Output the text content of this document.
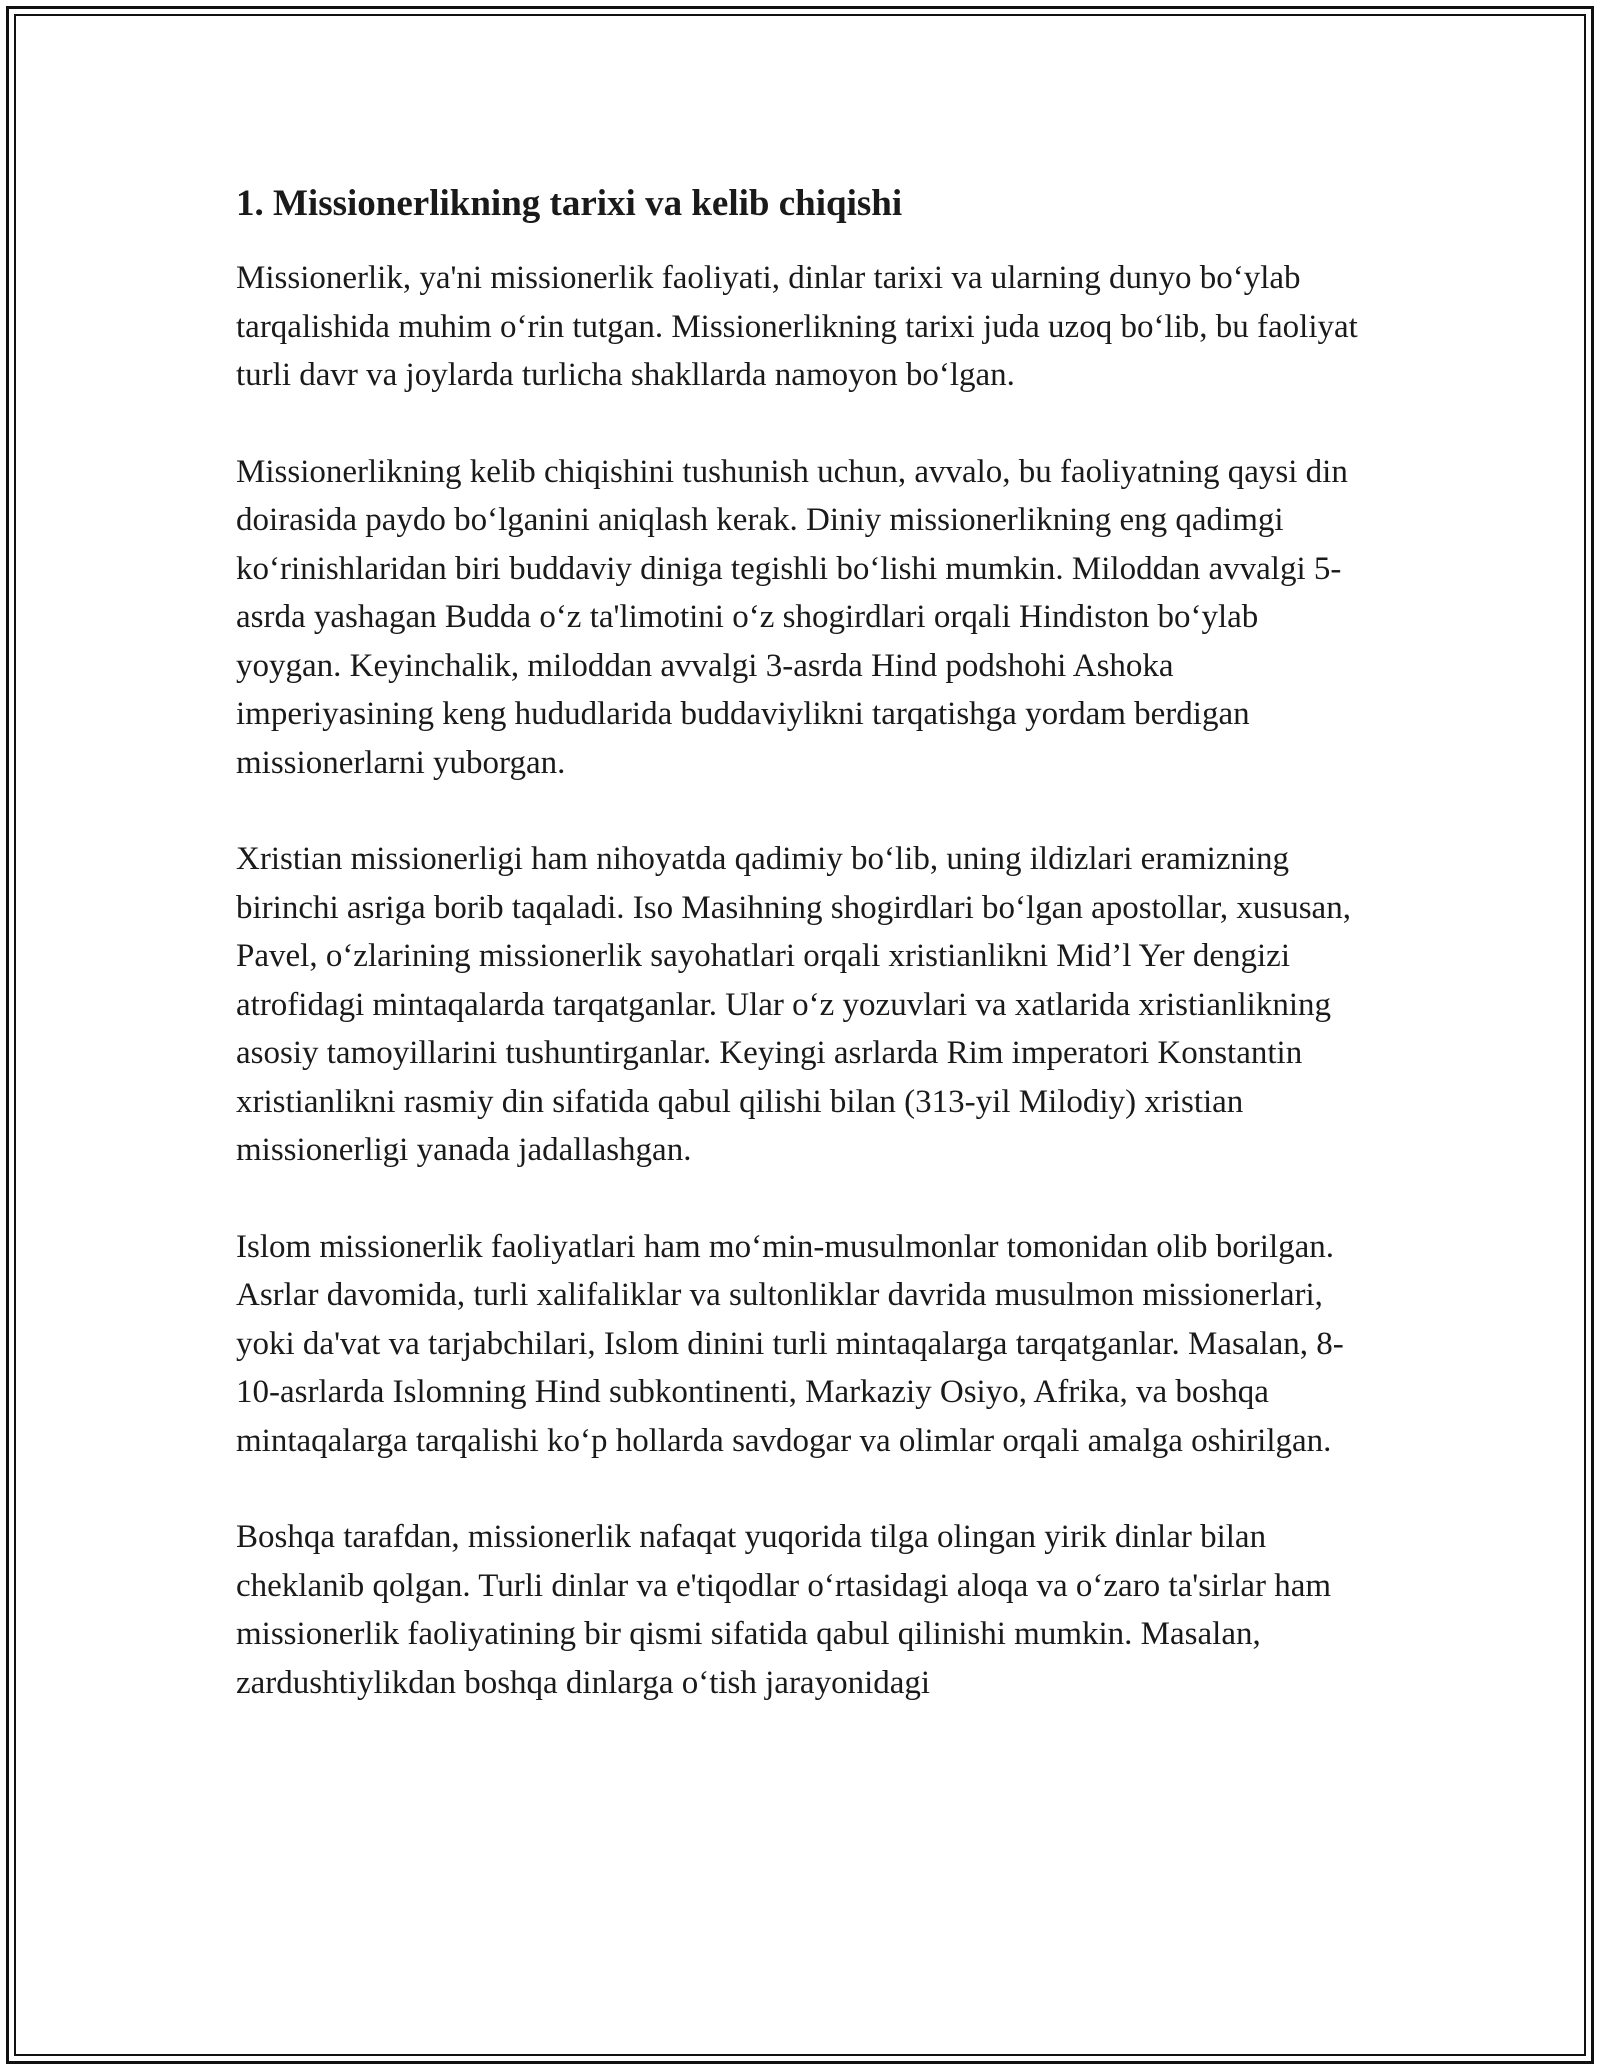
1. Missionerlikning tarixi va kelib chiqishi

Missionerlik, ya'ni missionerlik faoliyati, dinlar tarixi va ularning dunyo bo‘ylab tarqalishida muhim o‘rin tutgan. Missionerlikning tarixi juda uzoq bo‘lib, bu faoliyat turli davr va joylarda turlicha shakllarda namoyon bo‘lgan.

Missionerlikning kelib chiqishini tushunish uchun, avvalo, bu faoliyatning qaysi din doirasida paydo bo‘lganini aniqlash kerak. Diniy missionerlikning eng qadimgi ko‘rinishlaridan biri buddaviy diniga tegishli bo‘lishi mumkin. Miloddan avvalgi 5-asrda yashagan Budda o‘z ta'limotini o‘z shogirdlari orqali Hindiston bo‘ylab yoygan. Keyinchalik, miloddan avvalgi 3-asrda Hind podshohi Ashoka imperiyasining keng hududlarida buddaviylikni tarqatishga yordam berdigan missionerlarni yuborgan.

Xristian missionerligi ham nihoyatda qadimiy bo‘lib, uning ildizlari eramizning birinchi asriga borib taqaladi. Iso Masihning shogirdlari bo‘lgan apostollar, xususan, Pavel, o‘zlarining missionerlik sayohatlari orqali xristianlikni Mid’l Yer dengizi atrofidagi mintaqalarda tarqatganlar. Ular o‘z yozuvlari va xatlarida xristianlikning asosiy tamoyillarini tushuntirganlar. Keyingi asrlarda Rim imperatori Konstantin xristianlikni rasmiy din sifatida qabul qilishi bilan (313-yil Milodiy) xristian missionerligi yanada jadallashgan.

Islom missionerlik faoliyatlari ham mo‘min-musulmonlar tomonidan olib borilgan. Asrlar davomida, turli xalifaliklar va sultonliklar davrida musulmon missionerlari, yoki da'vat va tarjabchilari, Islom dinini turli mintaqalarga tarqatganlar. Masalan, 8-10-asrlarda Islomning Hind subkontinenti, Markaziy Osiyo, Afrika, va boshqa mintaqalarga tarqalishi ko‘p hollarda savdogar va olimlar orqali amalga oshirilgan.

Boshqa tarafdan, missionerlik nafaqat yuqorida tilga olingan yirik dinlar bilan cheklanib qolgan. Turli dinlar va e'tiqodlar o‘rtasidagi aloqa va o‘zaro ta'sirlar ham missionerlik faoliyatining bir qismi sifatida qabul qilinishi mumkin. Masalan, zardushtiylikdan boshqa dinlarga o‘tish jarayonidagi
